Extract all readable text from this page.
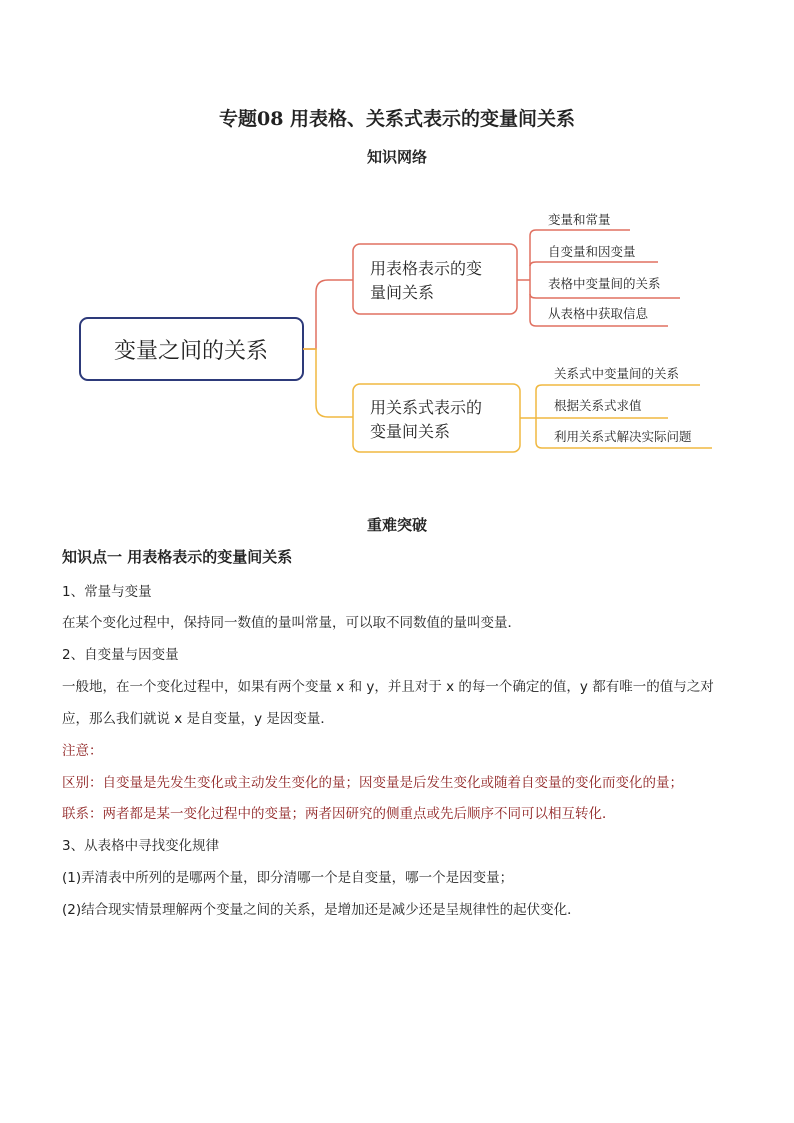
专题08 用表格、关系式表示的变量间关系
知识网络
变量之间的关系
用表格表示的变
量间关系
变量和常量
自变量和因变量
表格中变量间的关系
从表格中获取信息
用关系式表示的
变量间关系
关系式中变量间的关系
根据关系式求值
利用关系式解决实际问题
重难突破
知识点一 用表格表示的变量间关系
1、常量与变量
在某个变化过程中，保持同一数值的量叫常量，可以取不同数值的量叫变量．
2、自变量与因变量
一般地，在一个变化过程中，如果有两个变量 x 和 y，并且对于 x 的每一个确定的值，y 都有唯一的值与之对
应，那么我们就说 x 是自变量，y 是因变量．
注意：
区别：自变量是先发生变化或主动发生变化的量；因变量是后发生变化或随着自变量的变化而变化的量；
联系：两者都是某一变化过程中的变量；两者因研究的侧重点或先后顺序不同可以相互转化．
3、从表格中寻找变化规律
(1)弄清表中所列的是哪两个量，即分清哪一个是自变量，哪一个是因变量；
(2)结合现实情景理解两个变量之间的关系，是增加还是减少还是呈规律性的起伏变化．
